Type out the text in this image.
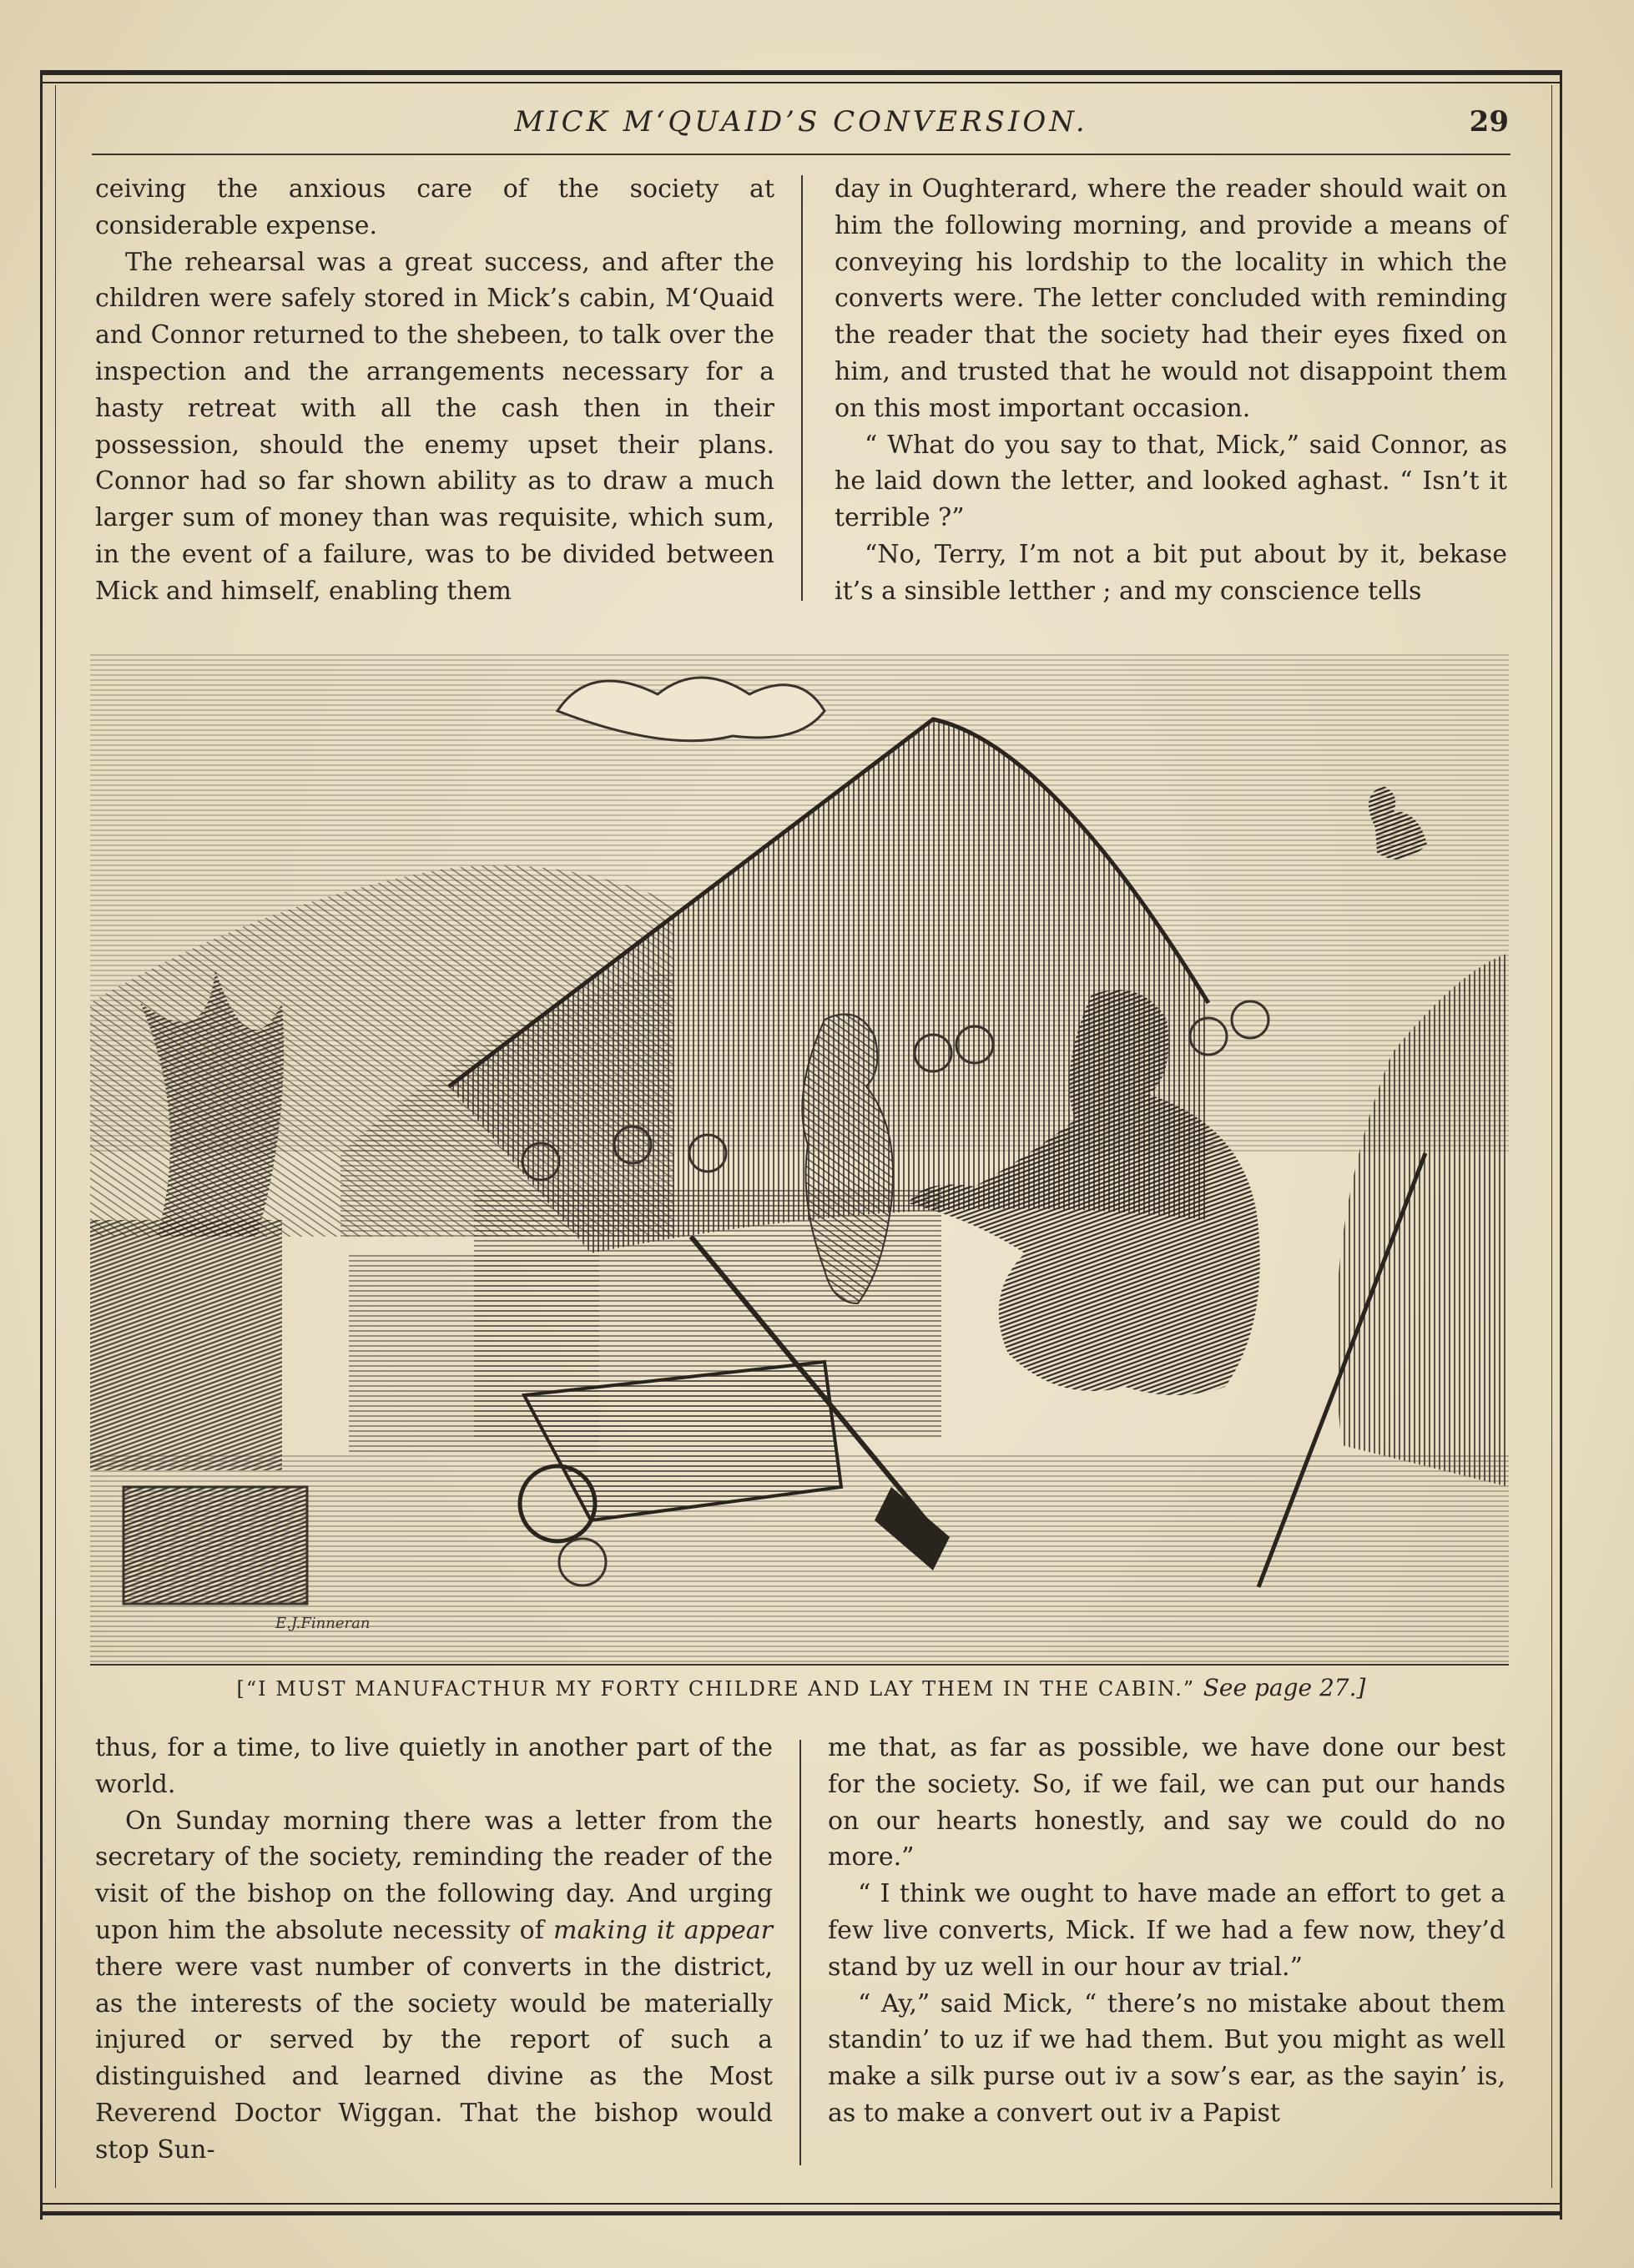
MICK M‘QUAID’S CONVERSION.	29

ceiving the anxious care of the society at considerable expense.

The rehearsal was a great success, and after the children were safely stored in Mick’s cabin, M‘Quaid and Connor returned to the shebeen, to talk over the inspection and the arrangements necessary for a hasty retreat with all the cash then in their possession, should the enemy upset their plans. Connor had so far shown ability as to draw a much larger sum of money than was requisite, which sum, in the event of a failure, was to be divided between Mick and himself, enabling them

day in Oughterard, where the reader should wait on him the following morning, and provide a means of conveying his lordship to the locality in which the converts were. The letter concluded with reminding the reader that the society had their eyes fixed on him, and trusted that he would not disappoint them on this most important occasion.

“ What do you say to that, Mick,” said Connor, as he laid down the letter, and looked aghast. “ Isn’t it terrible ?”

“No, Terry, I’m not a bit put about by it, bekase it’s a sinsible letther ; and my conscience tells

E.J.Finneran
[“I MUST MANUFACTHUR MY FORTY CHILDRE AND LAY THEM IN THE CABIN.” See page 27.]

thus, for a time, to live quietly in another part of the world.

On Sunday morning there was a letter from the secretary of the society, reminding the reader of the visit of the bishop on the following day. And urging upon him the absolute necessity of making it appear there were vast number of converts in the district, as the interests of the society would be materially injured or served by the report of such a distinguished and learned divine as the Most Reverend Doctor Wiggan. That the bishop would stop Sun-

me that, as far as possible, we have done our best for the society. So, if we fail, we can put our hands on our hearts honestly, and say we could do no more.”

“ I think we ought to have made an effort to get a few live converts, Mick. If we had a few now, they’d stand by uz well in our hour av trial.”

“ Ay,” said Mick, “ there’s no mistake about them standin’ to uz if we had them. But you might as well make a silk purse out iv a sow’s ear, as the sayin’ is, as to make a convert out iv a Papist
